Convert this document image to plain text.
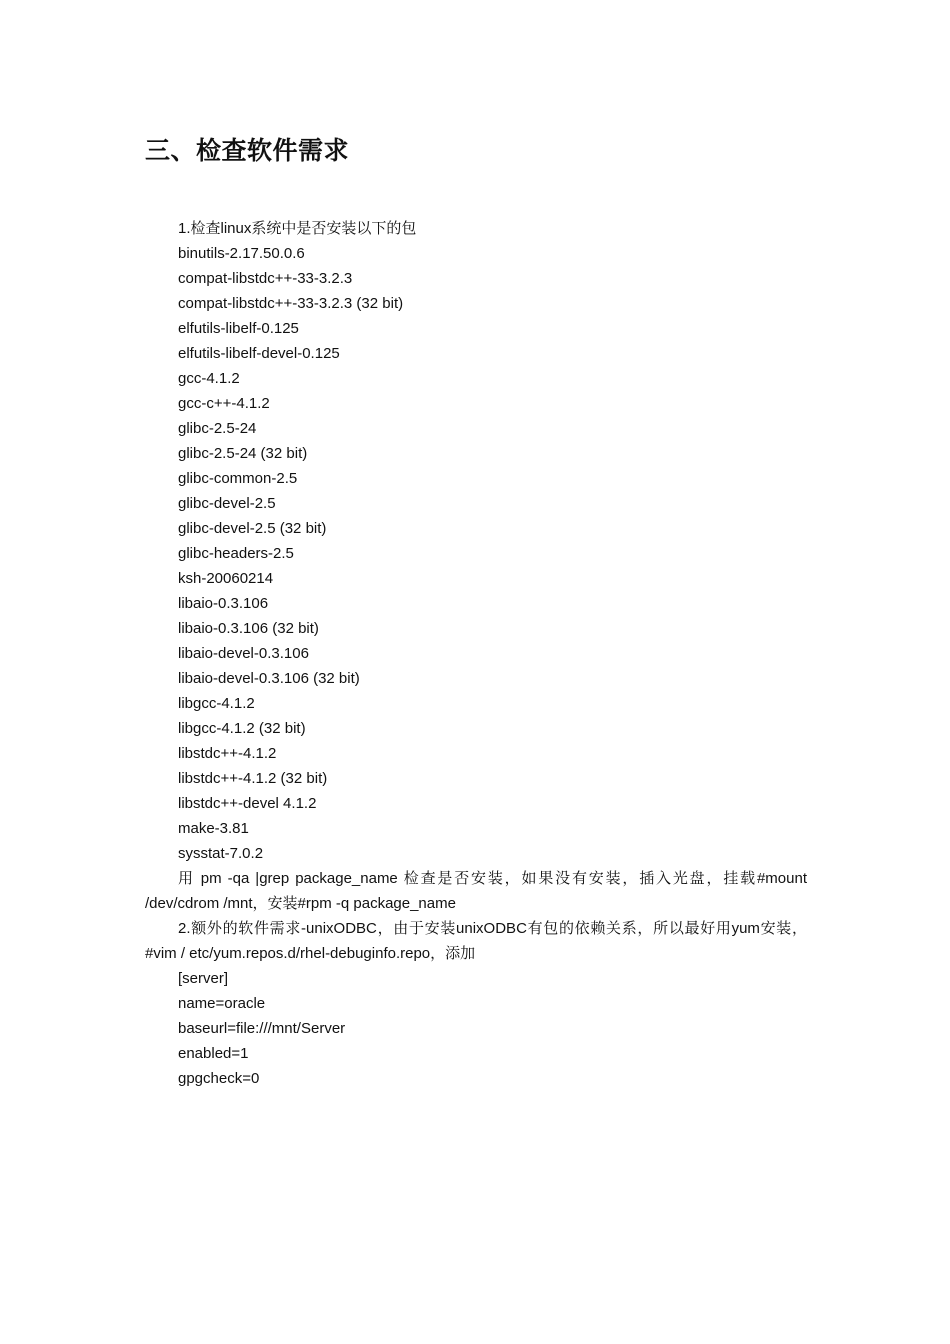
三、检查软件需求

1.检查linux系统中是否安装以下的包

binutils-2.17.50.0.6

compat-libstdc++-33-3.2.3

compat-libstdc++-33-3.2.3 (32 bit)

elfutils-libelf-0.125

elfutils-libelf-devel-0.125

gcc-4.1.2

gcc-c++-4.1.2

glibc-2.5-24

glibc-2.5-24 (32 bit)

glibc-common-2.5

glibc-devel-2.5

glibc-devel-2.5 (32 bit)

glibc-headers-2.5

ksh-20060214

libaio-0.3.106

libaio-0.3.106 (32 bit)

libaio-devel-0.3.106

libaio-devel-0.3.106 (32 bit)

libgcc-4.1.2

libgcc-4.1.2 (32 bit)

libstdc++-4.1.2

libstdc++-4.1.2 (32 bit)

libstdc++-devel 4.1.2

make-3.81

sysstat-7.0.2

用 pm -qa |grep package_name 检查是否安装，如果没有安装，插入光盘，挂载#mount /dev/cdrom /mnt，安装#rpm -q package_name

2.额外的软件需求-unixODBC，由于安装unixODBC有包的依赖关系，所以最好用yum安装，#vim / etc/yum.repos.d/rhel-debuginfo.repo，添加

[server]

name=oracle

baseurl=file:///mnt/Server

enabled=1

gpgcheck=0
